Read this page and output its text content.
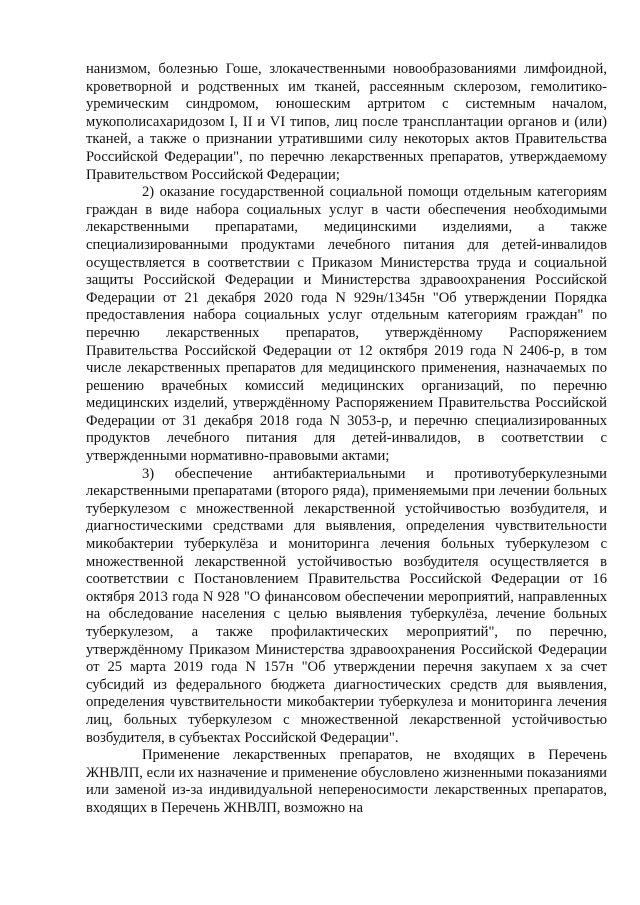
нанизмом, болезнью Гоше, злокачественными новообразованиями лимфоидной, кроветворной и родственных им тканей, рассеянным склерозом, гемолитико-уремическим синдромом, юношеским артритом с системным началом, мукополисахаридозом I, II и VI типов, лиц после трансплантации органов и (или) тканей, а также о признании утратившими силу некоторых актов Правительства Российской Федерации", по перечню лекарственных препаратов, утверждаемому Правительством Российской Федерации;

2) оказание государственной социальной помощи отдельным категориям граждан в виде набора социальных услуг в части обеспечения необходимыми лекарственными препаратами, медицинскими изделиями, а также специализированными продуктами лечебного питания для детей-инвалидов осуществляется в соответствии с Приказом Министерства труда и социальной защиты Российской Федерации и Министерства здравоохранения Российской Федерации от 21 декабря 2020 года N 929н/1345н "Об утверждении Порядка предоставления набора социальных услуг отдельным категориям граждан" по перечню лекарственных препаратов, утверждённому Распоряжением Правительства Российской Федерации от 12 октября 2019 года N 2406-р, в том числе лекарственных препаратов для медицинского применения, назначаемых по решению врачебных комиссий медицинских организаций, по перечню медицинских изделий, утверждённому Распоряжением Правительства Российской Федерации от 31 декабря 2018 года N 3053-р, и перечню специализированных продуктов лечебного питания для детей-инвалидов, в соответствии с утвержденными нормативно-правовыми актами;

3) обеспечение антибактериальными и противотуберкулезными лекарственными препаратами (второго ряда), применяемыми при лечении больных туберкулезом с множественной лекарственной устойчивостью возбудителя, и диагностическими средствами для выявления, определения чувствительности микобактерии туберкулёза и мониторинга лечения больных туберкулезом с множественной лекарственной устойчивостью возбудителя осуществляется в соответствии с Постановлением Правительства Российской Федерации от 16 октября 2013 года N 928 "О финансовом обеспечении мероприятий, направленных на обследование населения с целью выявления туберкулёза, лечение больных туберкулезом, а также профилактических мероприятий", по перечню, утверждённому Приказом Министерства здравоохранения Российской Федерации от 25 марта 2019 года N 157н "Об утверждении перечня закупаем х за счет субсидий из федерального бюджета диагностических средств для выявления, определения чувствительности микобактерии туберкулеза и мониторинга лечения лиц, больных туберкулезом с множественной лекарственной устойчивостью возбудителя, в субъектах Российской Федерации".

Применение лекарственных препаратов, не входящих в Перечень ЖНВЛП, если их назначение и применение обусловлено жизненными показаниями или заменой из-за индивидуальной непереносимости лекарственных препаратов, входящих в Перечень ЖНВЛП, возможно на
